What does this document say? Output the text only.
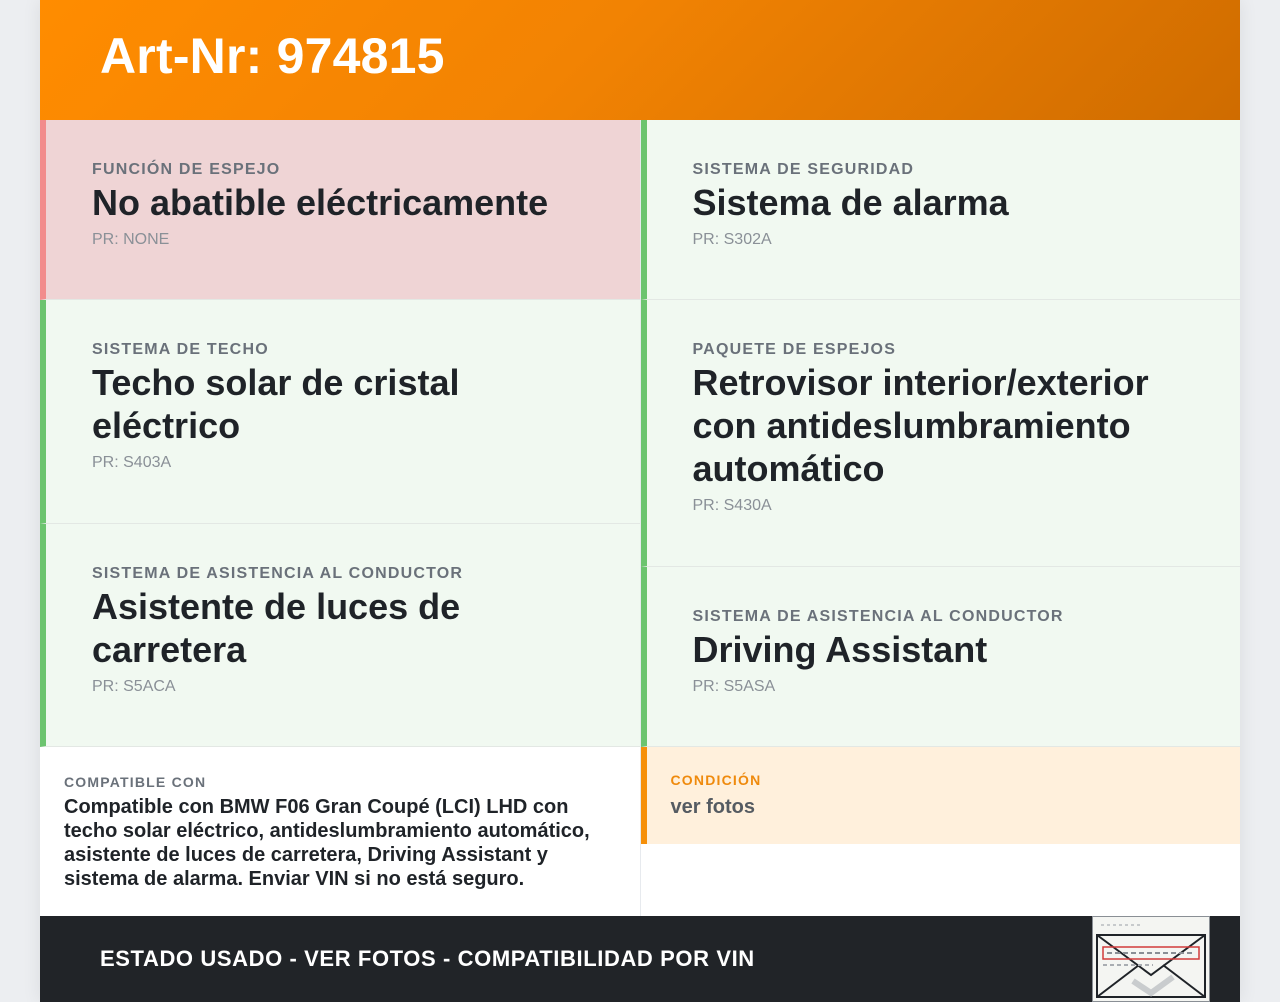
Art-Nr: 974815
FUNCIÓN DE ESPEJO
No abatible eléctricamente
PR: NONE
SISTEMA DE TECHO
Techo solar de cristal eléctrico
PR: S403A
SISTEMA DE ASISTENCIA AL CONDUCTOR
Asistente de luces de carretera
PR: S5ACA
COMPATIBLE CON
Compatible con BMW F06 Gran Coupé (LCI) LHD con techo solar eléctrico, antideslumbramiento automático, asistente de luces de carretera, Driving Assistant y sistema de alarma. Enviar VIN si no está seguro.
SISTEMA DE SEGURIDAD
Sistema de alarma
PR: S302A
PAQUETE DE ESPEJOS
Retrovisor interior/exterior con antideslumbramiento automático
PR: S430A
SISTEMA DE ASISTENCIA AL CONDUCTOR
Driving Assistant
PR: S5ASA
CONDICIÓN
ver fotos
ESTADO USADO - VER FOTOS - COMPATIBILIDAD POR VIN
